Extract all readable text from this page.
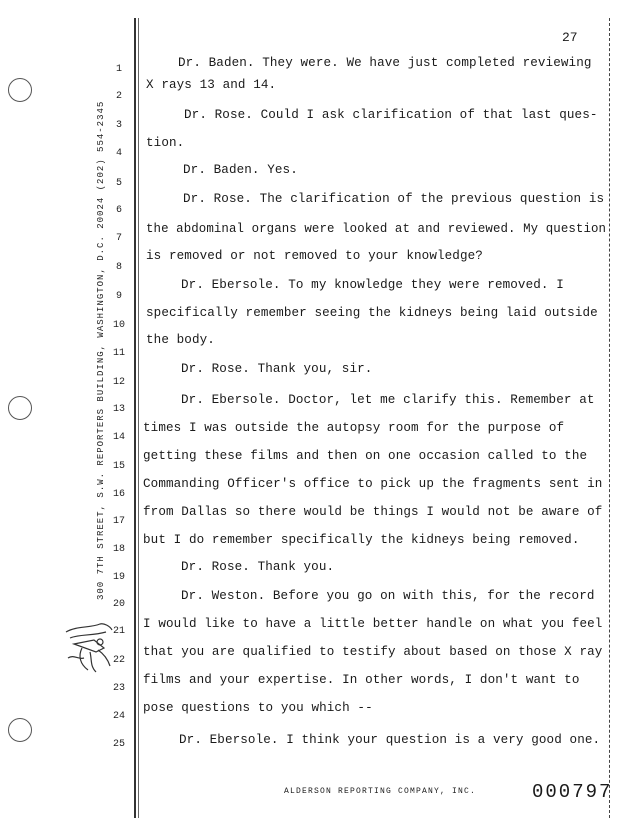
300 7TH STREET, S.W. REPORTERS BUILDING, WASHINGTON, D.C. 20024 (202) 554-2345
27
1
2
3
4
5
6
7
8
9
10
11
12
13
14
15
16
17
18
19
20
21
22
23
24
25
Dr. Baden. They were. We have just completed reviewing
X rays 13 and 14.
Dr. Rose. Could I ask clarification of that last ques-
tion.
Dr. Baden. Yes.
Dr. Rose. The clarification of the previous question is
the abdominal organs were looked at and reviewed. My question
is removed or not removed to your knowledge?
Dr. Ebersole. To my knowledge they were removed. I
specifically remember seeing the kidneys being laid outside
the body.
Dr. Rose. Thank you, sir.
Dr. Ebersole. Doctor, let me clarify this. Remember at
times I was outside the autopsy room for the purpose of
getting these films and then on one occasion called to the
Commanding Officer's office to pick up the fragments sent in
from Dallas so there would be things I would not be aware of
but I do remember specifically the kidneys being removed.
Dr. Rose. Thank you.
Dr. Weston. Before you go on with this, for the record
I would like to have a little better handle on what you feel
that you are qualified to testify about based on those X ray
films and your expertise. In other words, I don't want to
pose questions to you which --
Dr. Ebersole. I think your question is a very good one.
ALDERSON REPORTING COMPANY, INC.	000797
